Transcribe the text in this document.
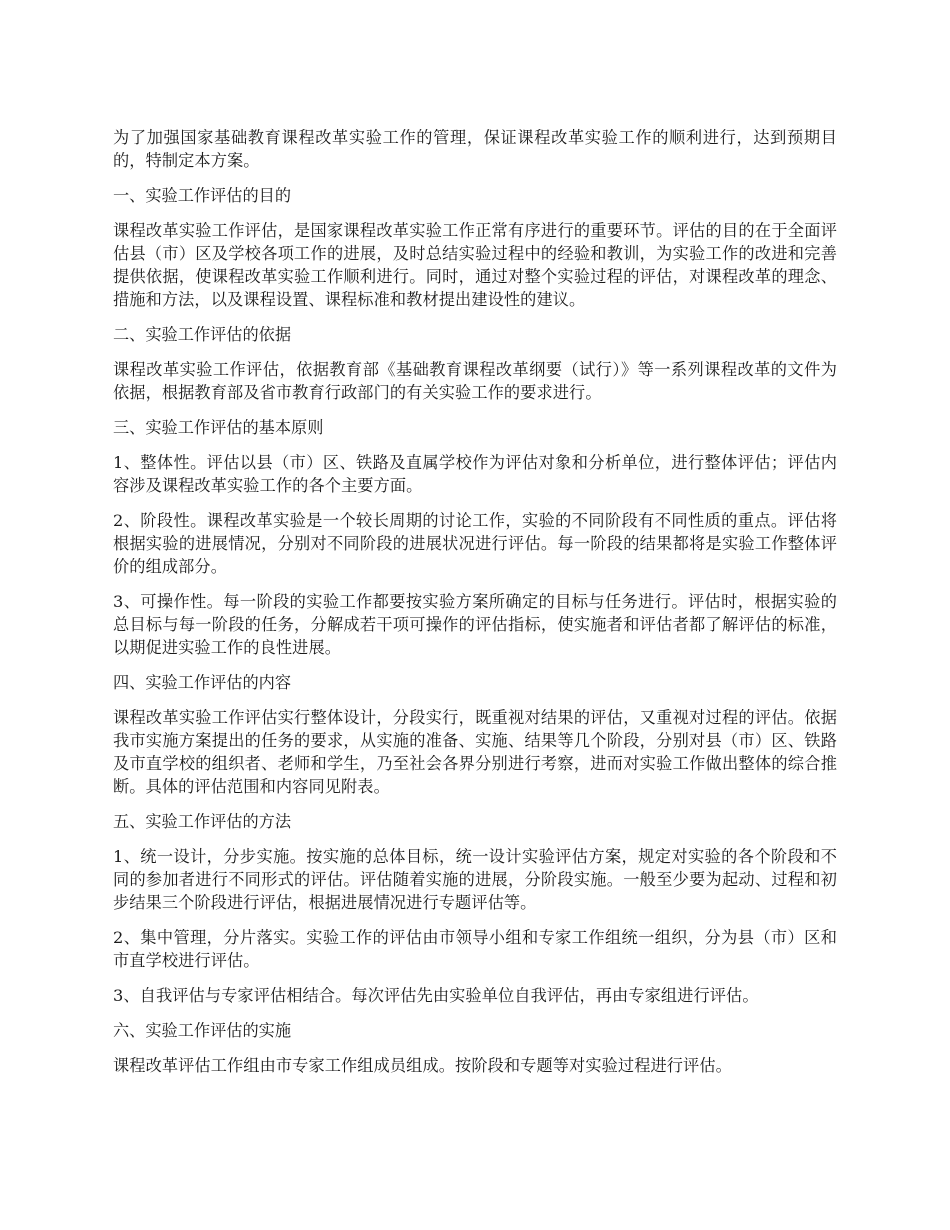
为了加强国家基础教育课程改革实验工作的管理，保证课程改革实验工作的顺利进行，达到预期目的，特制定本方案。

一、实验工作评估的目的

课程改革实验工作评估，是国家课程改革实验工作正常有序进行的重要环节。评估的目的在于全面评估县（市）区及学校各项工作的进展，及时总结实验过程中的经验和教训，为实验工作的改进和完善提供依据，使课程改革实验工作顺利进行。同时，通过对整个实验过程的评估，对课程改革的理念、措施和方法，以及课程设置、课程标准和教材提出建设性的建议。

二、实验工作评估的依据

课程改革实验工作评估，依据教育部《基础教育课程改革纲要（试行）》等一系列课程改革的文件为依据，根据教育部及省市教育行政部门的有关实验工作的要求进行。

三、实验工作评估的基本原则

1、整体性。评估以县（市）区、铁路及直属学校作为评估对象和分析单位，进行整体评估；评估内容涉及课程改革实验工作的各个主要方面。

2、阶段性。课程改革实验是一个较长周期的讨论工作，实验的不同阶段有不同性质的重点。评估将根据实验的进展情况，分别对不同阶段的进展状况进行评估。每一阶段的结果都将是实验工作整体评价的组成部分。

3、可操作性。每一阶段的实验工作都要按实验方案所确定的目标与任务进行。评估时，根据实验的总目标与每一阶段的任务，分解成若干项可操作的评估指标，使实施者和评估者都了解评估的标准，以期促进实验工作的良性进展。

四、实验工作评估的内容

课程改革实验工作评估实行整体设计，分段实行，既重视对结果的评估，又重视对过程的评估。依据我市实施方案提出的任务的要求，从实施的准备、实施、结果等几个阶段，分别对县（市）区、铁路及市直学校的组织者、老师和学生，乃至社会各界分别进行考察，进而对实验工作做出整体的综合推断。具体的评估范围和内容同见附表。

五、实验工作评估的方法

1、统一设计，分步实施。按实施的总体目标，统一设计实验评估方案，规定对实验的各个阶段和不同的参加者进行不同形式的评估。评估随着实施的进展，分阶段实施。一般至少要为起动、过程和初步结果三个阶段进行评估，根据进展情况进行专题评估等。

2、集中管理，分片落实。实验工作的评估由市领导小组和专家工作组统一组织，分为县（市）区和市直学校进行评估。

3、自我评估与专家评估相结合。每次评估先由实验单位自我评估，再由专家组进行评估。

六、实验工作评估的实施

课程改革评估工作组由市专家工作组成员组成。按阶段和专题等对实验过程进行评估。
